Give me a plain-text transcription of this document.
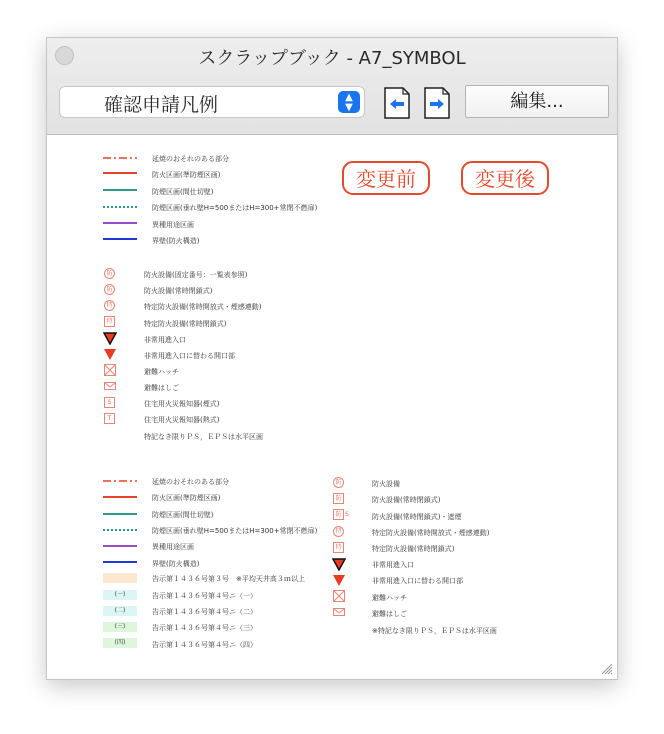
スクラップブック - A7_SYMBOL
確認申請凡例	▲
▼	編集...
延焼のおそれのある部分
防火区画(準防煙区画)
防煙区画(間仕切壁)
防煙区画(垂れ壁H=500またはH=300+常閉不燃扉)
異種用途区画
界壁(防火構造)
変更前	変更後
防	防火設備(固定番号：一覧表参照)
防	防火設備(常時閉鎖式)
特	特定防火設備(常時開放式・煙感連動)
特	特定防火設備(常時閉鎖式)
非常用進入口
非常用進入口に替わる開口部
避難ハッチ
避難はしご
S	住宅用火災報知器(煙式)
T	住宅用火災報知器(熱式)
特記なき限りＰＳ，ＥＰＳは水平区画
延焼のおそれのある部分
防火区画(準防煙区画)
防煙区画(間仕切壁)
防煙区画(垂れ壁H=500またはH=300+常閉不燃扉)
異種用途区画
界壁(防火構造)
告示第１４３６号第３号　※平均天井高３ｍ以上
(一)	告示第１４３６号第４号ニ（一）
(二)	告示第１４３６号第４号ニ（二）
(三)	告示第１４３６号第４号ニ（三）
(四)	告示第１４３６号第４号ニ（四）
防	防火設備
防	防火設備(常時閉鎖式)
防 S	防火設備(常時閉鎖式)・遮煙
特	特定防火設備(常時開放式・煙感連動)
特	特定防火設備(常時閉鎖式)
非常用進入口
非常用進入口に替わる開口部
避難ハッチ
避難はしご
※特記なき限りＰＳ，ＥＰＳは水平区画
